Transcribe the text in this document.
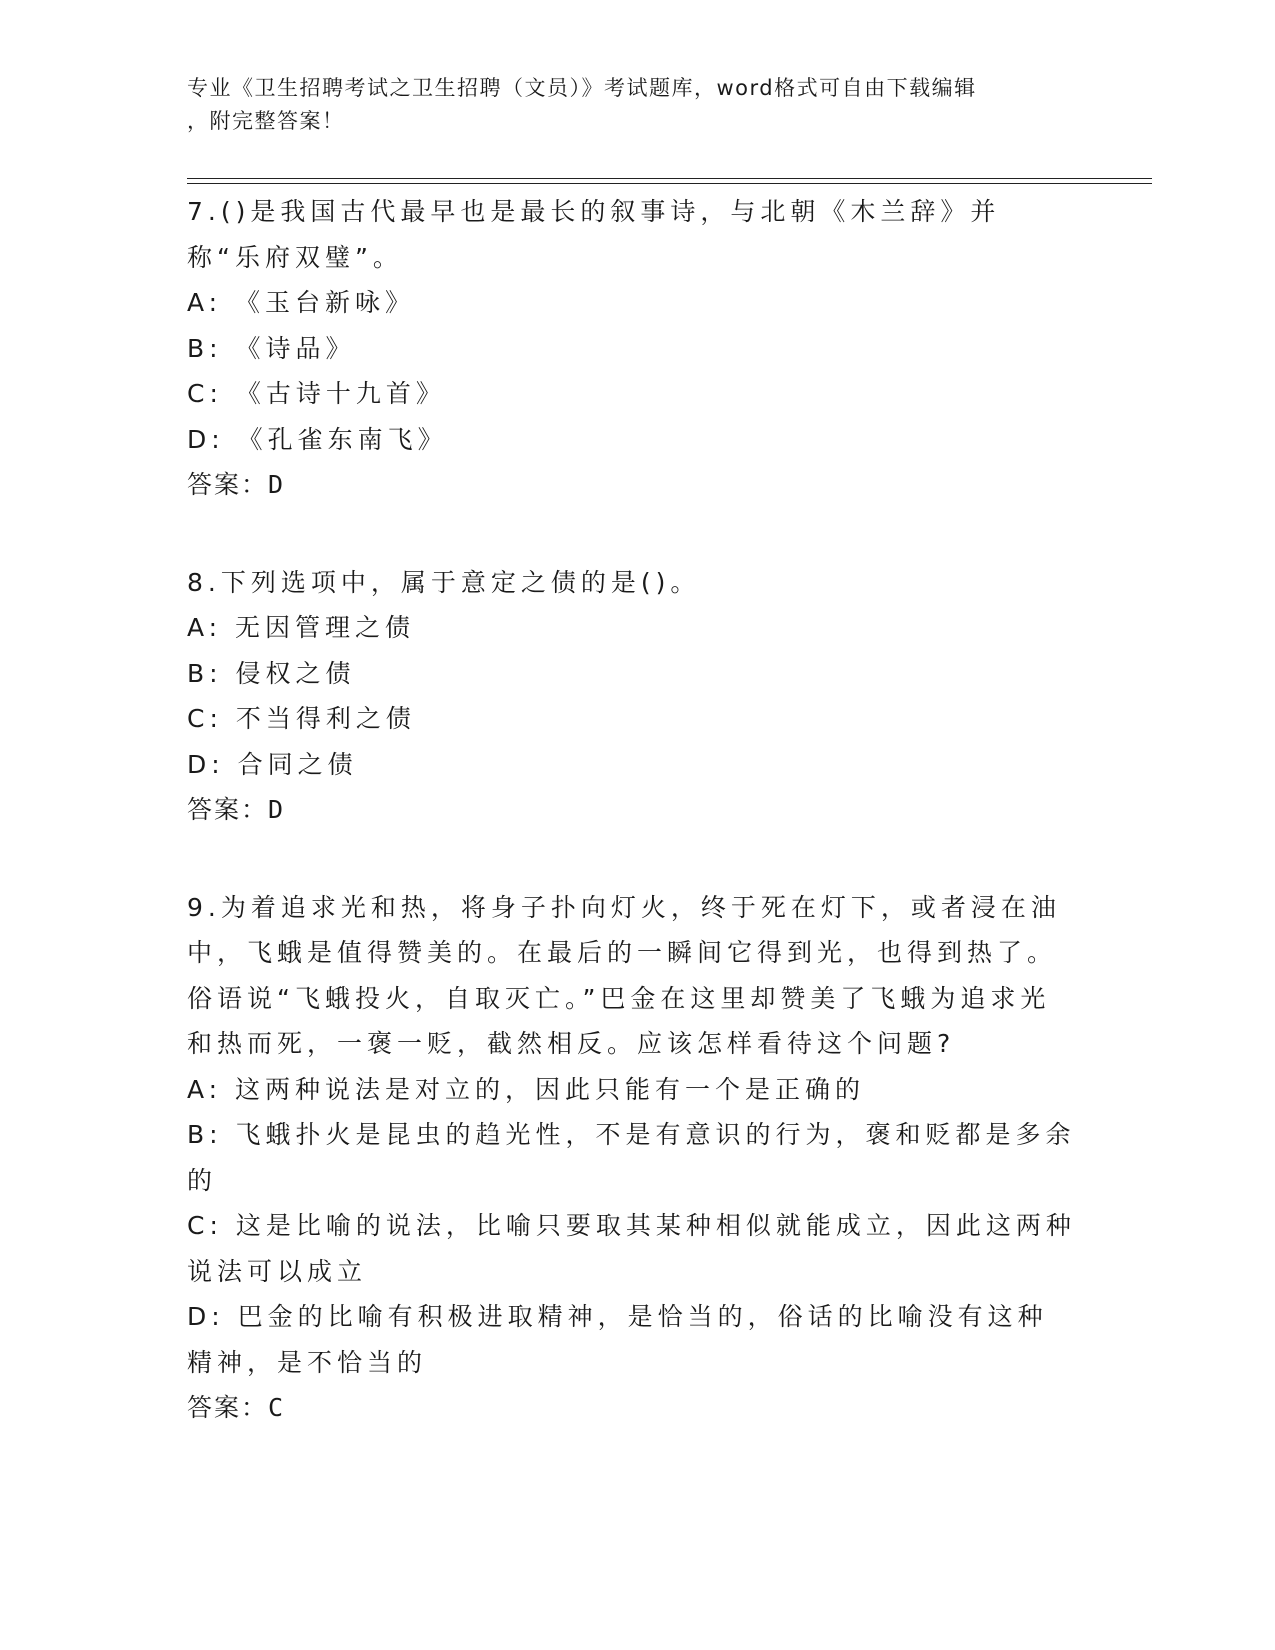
专业《卫生招聘考试之卫生招聘（文员）》考试题库，word格式可自由下载编辑
，附完整答案！
7.()是我国古代最早也是最长的叙事诗，与北朝《木兰辞》并称“乐府双璧”。
A: 《玉台新咏》
B: 《诗品》
C: 《古诗十九首》
D: 《孔雀东南飞》
答案：D
8.下列选项中，属于意定之债的是()。
A: 无因管理之债
B: 侵权之债
C: 不当得利之债
D: 合同之债
答案：D
9.为着追求光和热，将身子扑向灯火，终于死在灯下，或者浸在油中，飞蛾是值得赞美的。在最后的一瞬间它得到光，也得到热了。俗语说“飞蛾投火，自取灭亡。”巴金在这里却赞美了飞蛾为追求光和热而死，一褒一贬，截然相反。应该怎样看待这个问题?
A: 这两种说法是对立的，因此只能有一个是正确的
B: 飞蛾扑火是昆虫的趋光性，不是有意识的行为，褒和贬都是多余的
C: 这是比喻的说法，比喻只要取其某种相似就能成立，因此这两种说法可以成立
D: 巴金的比喻有积极进取精神，是恰当的，俗话的比喻没有这种精神，是不恰当的
答案：C
